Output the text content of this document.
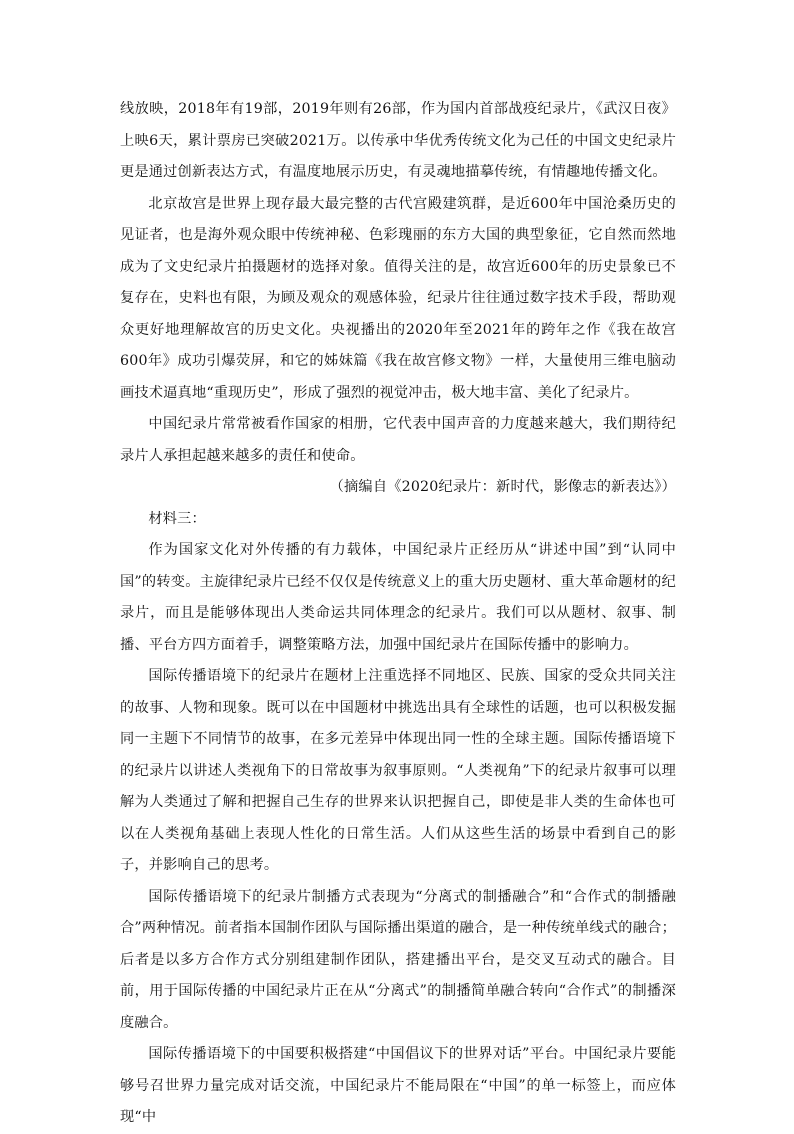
线放映，2018年有19部，2019年则有26部，作为国内首部战疫纪录片，《武汉日夜》上映6天，累计票房已突破2021万。以传承中华优秀传统文化为己任的中国文史纪录片更是通过创新表达方式，有温度地展示历史，有灵魂地描摹传统，有情趣地传播文化。

北京故宫是世界上现存最大最完整的古代宫殿建筑群，是近600年中国沧桑历史的见证者，也是海外观众眼中传统神秘、色彩瑰丽的东方大国的典型象征，它自然而然地成为了文史纪录片拍摄题材的选择对象。值得关注的是，故宫近600年的历史景象已不复存在，史料也有限，为顾及观众的观感体验，纪录片往往通过数字技术手段，帮助观众更好地理解故宫的历史文化。央视播出的2020年至2021年的跨年之作《我在故宫600年》成功引爆荧屏，和它的姊妹篇《我在故宫修文物》一样，大量使用三维电脑动画技术逼真地“重现历史”，形成了强烈的视觉冲击，极大地丰富、美化了纪录片。

中国纪录片常常被看作国家的相册，它代表中国声音的力度越来越大，我们期待纪录片人承担起越来越多的责任和使命。

（摘编自《2020纪录片：新时代，影像志的新表达》）

材料三：

作为国家文化对外传播的有力载体，中国纪录片正经历从“讲述中国”到“认同中国”的转变。主旋律纪录片已经不仅仅是传统意义上的重大历史题材、重大革命题材的纪录片，而且是能够体现出人类命运共同体理念的纪录片。我们可以从题材、叙事、制播、平台方四方面着手，调整策略方法，加强中国纪录片在国际传播中的影响力。

国际传播语境下的纪录片在题材上注重选择不同地区、民族、国家的受众共同关注的故事、人物和现象。既可以在中国题材中挑选出具有全球性的话题，也可以积极发掘同一主题下不同情节的故事，在多元差异中体现出同一性的全球主题。国际传播语境下的纪录片以讲述人类视角下的日常故事为叙事原则。“人类视角”下的纪录片叙事可以理解为人类通过了解和把握自己生存的世界来认识把握自己，即使是非人类的生命体也可以在人类视角基础上表现人性化的日常生活。人们从这些生活的场景中看到自己的影子，并影响自己的思考。

国际传播语境下的纪录片制播方式表现为“分离式的制播融合”和“合作式的制播融合”两种情况。前者指本国制作团队与国际播出渠道的融合，是一种传统单线式的融合；后者是以多方合作方式分别组建制作团队，搭建播出平台，是交叉互动式的融合。目前，用于国际传播的中国纪录片正在从“分离式”的制播简单融合转向“合作式”的制播深度融合。

国际传播语境下的中国要积极搭建“中国倡议下的世界对话”平台。中国纪录片要能够号召世界力量完成对话交流，中国纪录片不能局限在“中国”的单一标签上，而应体现“中
